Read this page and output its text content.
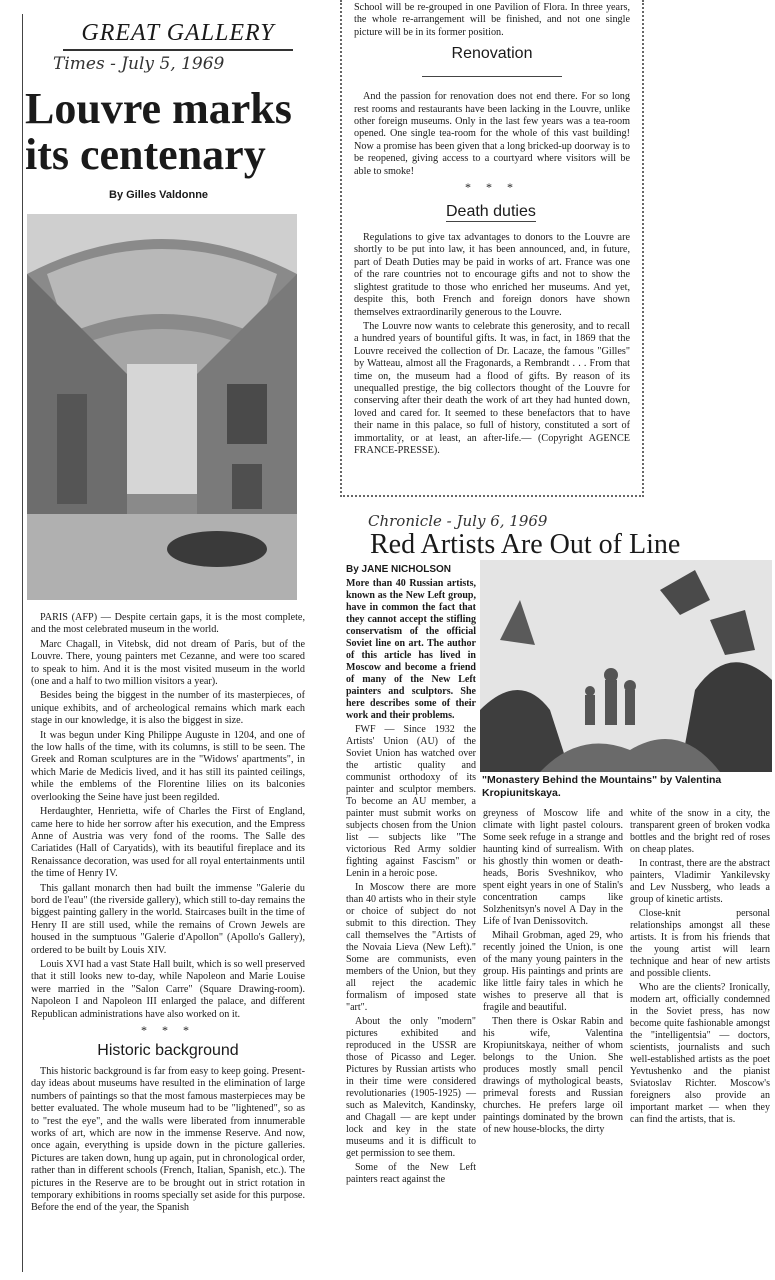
GREAT GALLERY
Times - July 5, 1969
Louvre marks
its centenary
By Gilles Valdonne

PARIS (AFP) — Despite certain gaps, it is the most complete, and the most celebrated museum in the world.

Marc Chagall, in Vitebsk, did not dream of Paris, but of the Louvre. There, young painters met Cezanne, and were too scared to speak to him. And it is the most visited museum in the world (one and a half to two million visitors a year).

Besides being the biggest in the number of its masterpieces, of unique exhibits, and of archeological remains which mark each stage in our knowledge, it is also the biggest in size.

It was begun under King Philippe Auguste in 1204, and one of the low halls of the time, with its columns, is still to be seen. The Greek and Roman sculptures are in the "Widows' apartments", in which Marie de Medicis lived, and it has still its painted ceilings, while the emblems of the Florentine lilies on its balconies overlooking the Seine have just been regilded.

Herdaughter, Henrietta, wife of Charles the First of England, came here to hide her sorrow after his execution, and the Empress Anne of Austria was very fond of the rooms. The Salle des Cariatides (Hall of Caryatids), with its beautiful fireplace and its Renaissance decoration, was used for all royal entertainments until the time of Henry IV.

This gallant monarch then had built the immense "Galerie du bord de l'eau" (the riverside gallery), which still to-day remains the biggest painting gallery in the world. Staircases built in the time of Henry II are still used, while the remains of Crown Jewels are housed in the sumptuous "Galerie d'Apollon" (Apollo's Gallery), ordered to be built by Louis XIV.

Louis XVI had a vast State Hall built, which is so well preserved that it still looks new to-day, while Napoleon and Marie Louise were married in the "Salon Carre" (Square Drawing-room). Napoleon I and Napoleon III enlarged the palace, and different Republican administrations have also worked on it.

* * *
Historic background

This historic background is far from easy to keep going. Present-day ideas about museums have resulted in the elimination of large numbers of paintings so that the most famous masterpieces may be better evaluated. The whole museum had to be "lightened", so as to "rest the eye", and the walls were liberated from innumerable works of art, which are now in the immense Reserve. And now, once again, everything is upside down in the picture galleries. Pictures are taken down, hung up again, put in chronological order, rather than in different schools (French, Italian, Spanish, etc.). The pictures in the Reserve are to be brought out in strict rotation in temporary exhibitions in rooms specially set aside for this purpose. Before the end of the year, the Spanish

School will be re-grouped in one Pavilion of Flora. In three years, the whole re-arrangement will be finished, and not one single picture will be in its former position.

Renovation

And the passion for renovation does not end there. For so long rest rooms and restaurants have been lacking in the Louvre, unlike other foreign museums. Only in the last few years was a tea-room opened. One single tea-room for the whole of this vast building! Now a promise has been given that a long bricked-up doorway is to be reopened, giving access to a courtyard where visitors will be able to smoke!

* * *
Death duties

Regulations to give tax advantages to donors to the Louvre are shortly to be put into law, it has been announced, and, in future, part of Death Duties may be paid in works of art. France was one of the rare countries not to encourage gifts and not to show the slightest gratitude to those who enriched her museums. And yet, despite this, both French and foreign donors have shown themselves extraordinarily generous to the Louvre.

The Louvre now wants to celebrate this generosity, and to recall a hundred years of bountiful gifts. It was, in fact, in 1869 that the Louvre received the collection of Dr. Lacaze, the famous "Gilles" by Watteau, almost all the Fragonards, a Rembrandt . . . From that time on, the museum had a flood of gifts. By reason of its unequalled prestige, the big collectors thought of the Louvre for conserving after their death the work of art they had hunted down, loved and cared for. It seemed to these benefactors that to have their name in this palace, so full of history, constituted a sort of immortality, or at least, an after-life.— (Copyright AGENCE FRANCE-PRESSE).

Chronicle - July 6, 1969
Red Artists Are Out of Line
By JANE NICHOLSON

More than 40 Russian artists, known as the New Left group, have in common the fact that they cannot accept the stifling conservatism of the official Soviet line on art. The author of this article has lived in Moscow and become a friend of many of the New Left painters and sculptors. She here describes some of their work and their problems.

FWF — Since 1932 the Artists' Union (AU) of the Soviet Union has watched over the artistic quality and communist orthodoxy of its painter and sculptor members. To become an AU member, a painter must submit works on subjects chosen from the Union list — subjects like "The victorious Red Army soldier fighting against Fascism" or Lenin in a heroic pose.

In Moscow there are more than 40 artists who in their style or choice of subject do not submit to this direction. They call themselves the "Artists of the Novaia Lieva (New Left)." Some are communists, even members of the Union, but they all reject the academic formalism of imposed state "art".

About the only "modern" pictures exhibited and reproduced in the USSR are those of Picasso and Leger. Pictures by Russian artists who in their time were considered revolutionaries (1905-1925) — such as Malevitch, Kandinsky, and Chagall — are kept under lock and key in the state museums and it is difficult to get permission to see them.

Some of the New Left painters react against the

"Monastery Behind the Mountains" by Valentina Kropiunitskaya.

greyness of Moscow life and climate with light pastel colours. Some seek refuge in a strange and haunting kind of surrealism. With his ghostly thin women or death-heads, Boris Sveshnikov, who spent eight years in one of Stalin's concentration camps like Solzhenitsyn's novel A Day in the Life of Ivan Denissovitch.

Mihail Grobman, aged 29, who recently joined the Union, is one of the many young painters in the group. His paintings and prints are like little fairy tales in which he wishes to preserve all that is fragile and beautiful.

Then there is Oskar Rabin and his wife, Valentina Kropiunitskaya, neither of whom belongs to the Union. She produces mostly small pencil drawings of mythological beasts, primeval forests and Russian churches. He prefers large oil paintings dominated by the brown of new house-blocks, the dirty

white of the snow in a city, the transparent green of broken vodka bottles and the bright red of roses on cheap plates.

In contrast, there are the abstract painters, Vladimir Yankilevsky and Lev Nussberg, who leads a group of kinetic artists.

Close-knit personal relationships amongst all these artists. It is from his friends that the young artist will learn technique and hear of new artists and possible clients.

Who are the clients? Ironically, modern art, officially condemned in the Soviet press, has now become quite fashionable amongst the "intelligentsia" — doctors, scientists, journalists and such well-established artists as the poet Yevtushenko and the pianist Sviatoslav Richter. Moscow's foreigners also provide an important market — when they can find the artists, that is.
